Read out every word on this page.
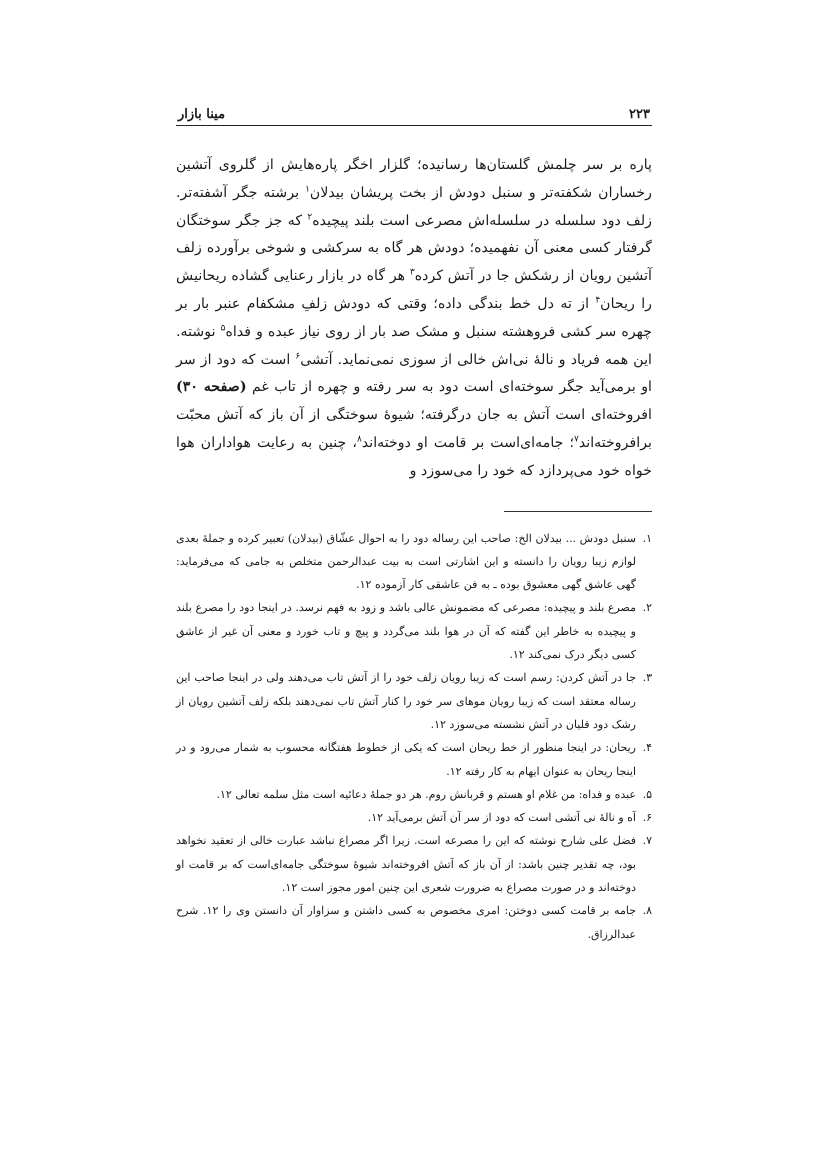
۲۲۳
مینا بازار

پاره بر سر چلمش گلستان‌ها رسانیده؛ گلزار اخگر پاره‌هایش از گلروی آتشین رخساران شکفته‌تر و سنبل دودش از بخت پریشان بیدلان$^۱$ برشته جگر آشفته‌تر. زلف دود سلسله در سلسله‌اش مصرعی است بلند پیچیده$^۲$ که جز جگر سوختگان گرفتار کسی معنی آن نفهمیده؛ دودش هر گاه به سرکشی و شوخی برآورده زلف آتشین رویان از رشکش جا در آتش کرده$^۳$ هر گاه در بازار رعنایی گشاده ریحانیش را ریحان$^۴$ از ته دل خط بندگی داده؛ وقتی که دودش زلفِ مشکفام عنبر بار بر چهره سر کشی فروهشته سنبل و مشک صد بار از روی نیاز عبده و فداه$^۵$ نوشته. این همه فریاد و نالهٔ نی‌اش خالی از سوزی نمی‌نماید. آتشی$^۶$ است که دود از سر او برمی‌آید جگر سوخته‌ای است دود به سر رفته و چهره از تاب غم (صفحه ۳۰) افروخته‌ای است آتش به جان درگرفته؛ شیوهٔ سوختگی از آن باز که آتش محبّت برافروخته‌اند$^۷$؛ جامه‌ای‌است بر قامت او دوخته‌اند$^۸$، چنین به رعایت هواداران هوا خواه خود می‌پردازد که خود را می‌سوزد و

۱.سنبل دودش ... بیدلان الخ: صاحب این رساله دود را به احوال عشّاق (بیدلان) تعبیر کرده و جملهٔ بعدی لوازم زیبا رویان را دانسته و این اشارتی است به بیت عبدالرحمن متخلص به جامی که می‌فرماید: گهی عاشق گهی معشوق بوده ـ به فن عاشقی کار آزموده ۱۲.

۲.مصرع بلند و پیچیده: مصرعی که مضمونش عالی باشد و زود به فهم نرسد. در اینجا دود را مصرع بلند و پیچیده به خاطر این گفته که آن در هوا بلند می‌گردد و پیچ و تاب خورد و معنی آن غیر از عاشق کسی دیگر درک نمی‌کند ۱۲.

۳.جا در آتش کردن: رسم است که زیبا رویان زلف خود را از آتش تاب می‌دهند ولی در اینجا صاحب این رساله معتقد است که زیبا رویان موهای سر خود را کنار آتش تاب نمی‌دهند بلکه زلف آتشین رویان از رشک دود قلیان در آتش نشسته می‌سوزد ۱۲.

۴.ریحان: در اینجا منظور از خط ریحان است که یکی از خطوط هفتگانه محسوب به شمار می‌رود و در اینجا ریحان به عنوان ایهام به کار رفته ۱۲.

۵.عبده و فداه: من غلام او هستم و قربانش روم. هر دو جملهٔ دعائیه است مثل سلمه تعالی ۱۲.

۶.آه و نالهٔ نی آتشی است که دود از سر آن آتش برمی‌آید ۱۲.

۷.فضل علی شارح نوشته که این را مصرعه است. زیرا اگر مصراع نباشد عبارت خالی از تعقید نخواهد بود، چه تقدیر چنین باشد: از آن باز که آتش افروخته‌اند شیوهٔ سوختگی جامه‌ای‌است که بر قامت او دوخته‌اند و در صورت مصراع به ضرورت شعری این چنین امور مجوز است ۱۲.

۸.جامه بر قامت کسی دوختن: امری مخصوص به کسی داشتن و سزاوار آن دانستن وی را ۱۲. شرح عبدالرزاق.
